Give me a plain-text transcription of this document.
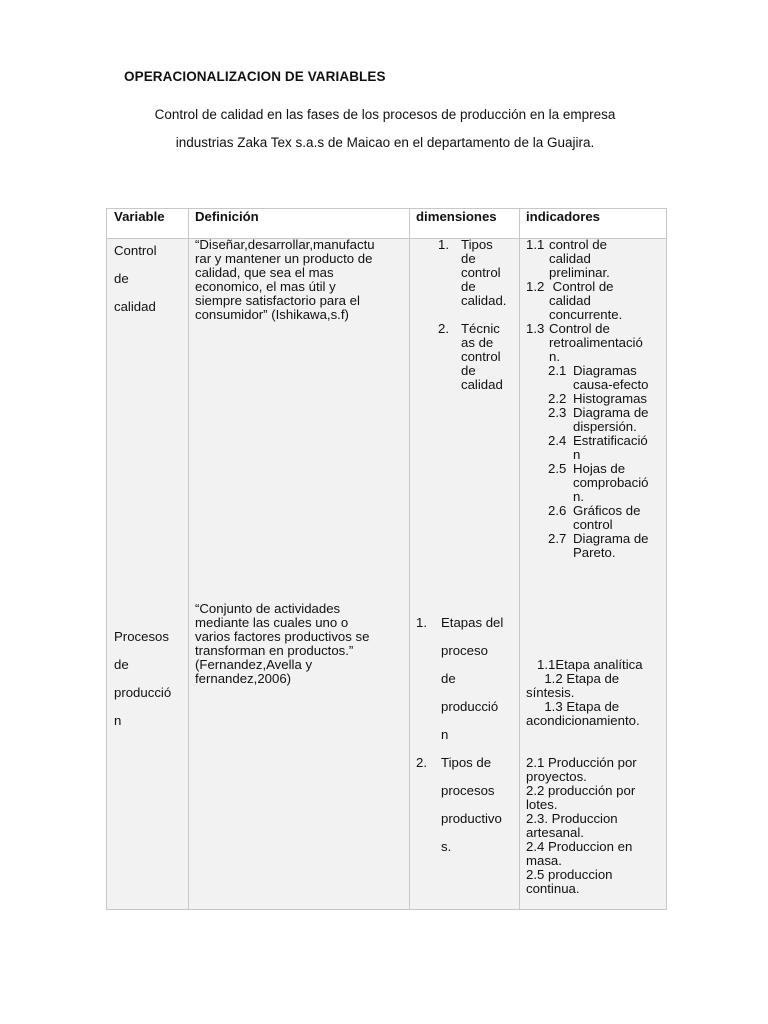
OPERACIONALIZACION DE VARIABLES
Control de calidad en las fases de los procesos de producción en la empresa
industrias Zaka Tex s.a.s de Maicao en el departamento de la Guajira.
Variable Definición	dimensiones indicadores
Control
de
calidad
“Diseñar,desarrollar,manufactu
rar y mantener un producto de
calidad, que sea el mas
economico, el mas útil y
siempre satisfactorio para el
consumidor” (Ishikawa,s.f)
1. Tipos
de
control
de
calidad.
2. Técnic
as de
control
de
calidad
1.1 control de
calidad
preliminar.
1.2 Control de
calidad
concurrente.
1.3 Control de
retroalimentació
n.
2.1 Diagramas
causa-efecto
2.2 Histogramas
2.3 Diagrama de
dispersión.
2.4 Estratificació
n
2.5 Hojas de
comprobació
n.
2.6 Gráficos de
control
2.7 Diagrama de
Pareto.
Procesos
de
producció
n
“Conjunto de actividades
mediante las cuales uno o
varios factores productivos se
transforman en productos.”
(Fernandez,Avella y
fernandez,2006)
1. Etapas del
proceso
de
producció
n
2. Tipos de
procesos
productivo
s.
1.1Etapa analítica
1.2 Etapa de
síntesis.
1.3 Etapa de
acondicionamiento.
2.1 Producción por
proyectos.
2.2 producción por
lotes.
2.3. Produccion
artesanal.
2.4 Produccion en
masa.
2.5 produccion
continua.
